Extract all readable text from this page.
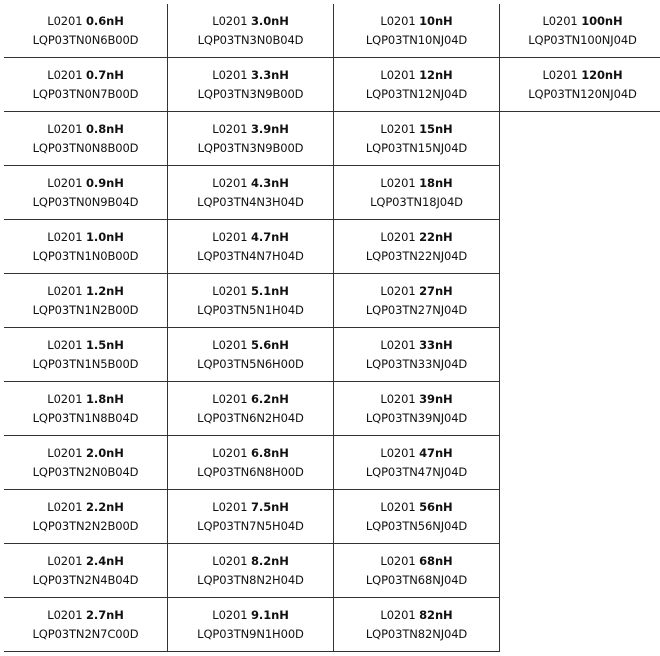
L0201 0.6nH
LQP03TN0N6B00D
L0201 3.0nH
LQP03TN3N0B04D
L0201 10nH
LQP03TN10NJ04D
L0201 100nH
LQP03TN100NJ04D
L0201 0.7nH
LQP03TN0N7B00D
L0201 3.3nH
LQP03TN3N9B00D
L0201 12nH
LQP03TN12NJ04D
L0201 120nH
LQP03TN120NJ04D
L0201 0.8nH
LQP03TN0N8B00D
L0201 3.9nH
LQP03TN3N9B00D
L0201 15nH
LQP03TN15NJ04D
L0201 0.9nH
LQP03TN0N9B04D
L0201 4.3nH
LQP03TN4N3H04D
L0201 18nH
LQP03TN18J04D
L0201 1.0nH
LQP03TN1N0B00D
L0201 4.7nH
LQP03TN4N7H04D
L0201 22nH
LQP03TN22NJ04D
L0201 1.2nH
LQP03TN1N2B00D
L0201 5.1nH
LQP03TN5N1H04D
L0201 27nH
LQP03TN27NJ04D
L0201 1.5nH
LQP03TN1N5B00D
L0201 5.6nH
LQP03TN5N6H00D
L0201 33nH
LQP03TN33NJ04D
L0201 1.8nH
LQP03TN1N8B04D
L0201 6.2nH
LQP03TN6N2H04D
L0201 39nH
LQP03TN39NJ04D
L0201 2.0nH
LQP03TN2N0B04D
L0201 6.8nH
LQP03TN6N8H00D
L0201 47nH
LQP03TN47NJ04D
L0201 2.2nH
LQP03TN2N2B00D
L0201 7.5nH
LQP03TN7N5H04D
L0201 56nH
LQP03TN56NJ04D
L0201 2.4nH
LQP03TN2N4B04D
L0201 8.2nH
LQP03TN8N2H04D
L0201 68nH
LQP03TN68NJ04D
L0201 2.7nH
LQP03TN2N7C00D
L0201 9.1nH
LQP03TN9N1H00D
L0201 82nH
LQP03TN82NJ04D
